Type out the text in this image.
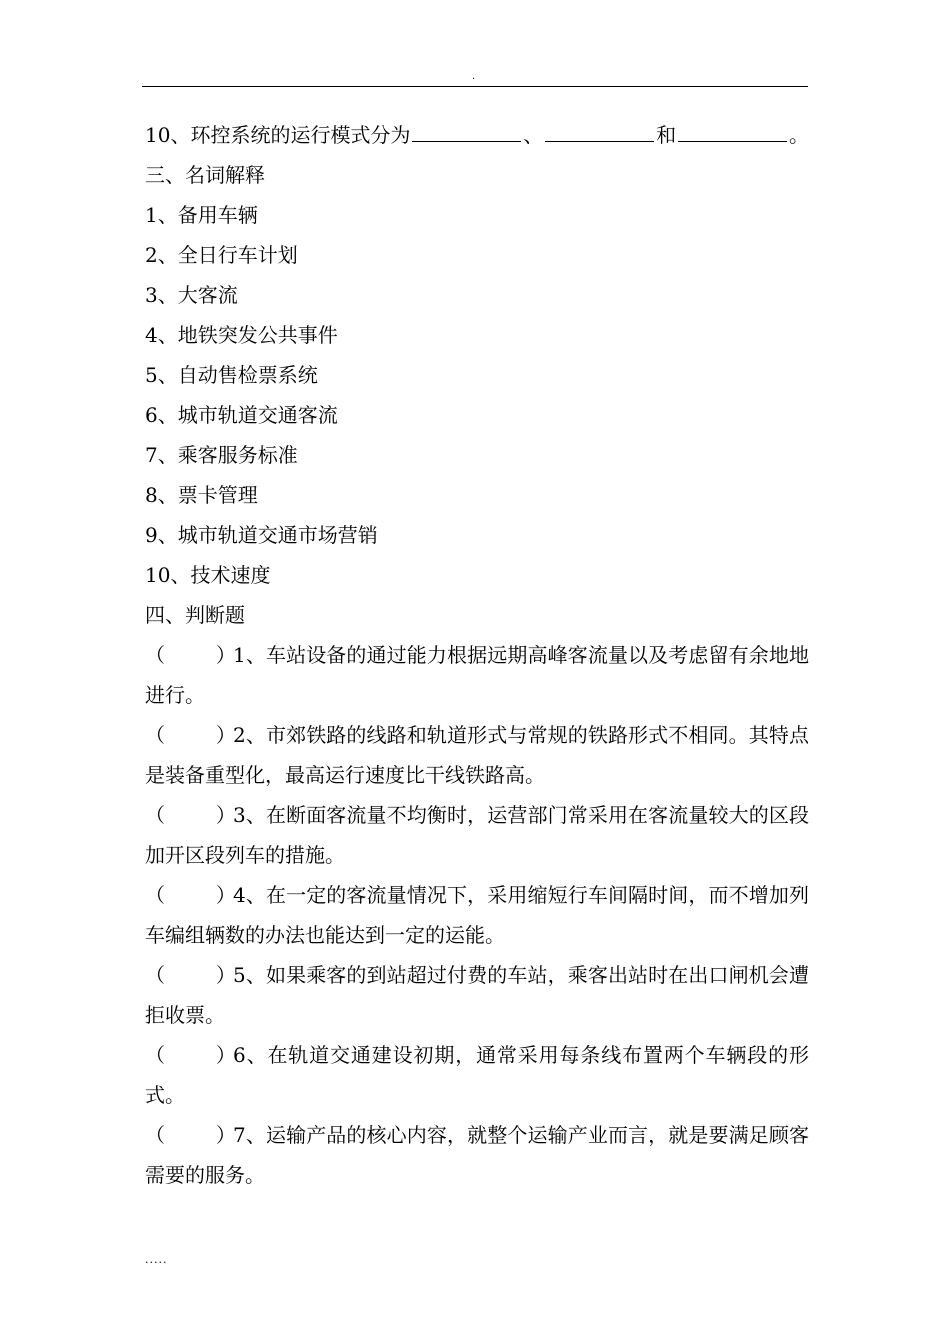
.
10、环控系统的运行模式分为	、	和	。
三、名词解释
1、备用车辆
2、全日行车计划
3、大客流
4、地铁突发公共事件
5、自动售检票系统
6、城市轨道交通客流
7、乘客服务标准
8、票卡管理
9、城市轨道交通市场营销
10、技术速度
四、判断题
（        ）1、车站设备的通过能力根据远期高峰客流量以及考虑留有余地地进行。
（        ）2、市郊铁路的线路和轨道形式与常规的铁路形式不相同。其特点是装备重型化，最高运行速度比干线铁路高。
（        ）3、在断面客流量不均衡时，运营部门常采用在客流量较大的区段加开区段列车的措施。
（        ）4、在一定的客流量情况下，采用缩短行车间隔时间，而不增加列车编组辆数的办法也能达到一定的运能。
（        ）5、如果乘客的到站超过付费的车站，乘客出站时在出口闸机会遭拒收票。
（        ）6、在轨道交通建设初期，通常采用每条线布置两个车辆段的形式。
（        ）7、运输产品的核心内容，就整个运输产业而言，就是要满足顾客需要的服务。
.....
